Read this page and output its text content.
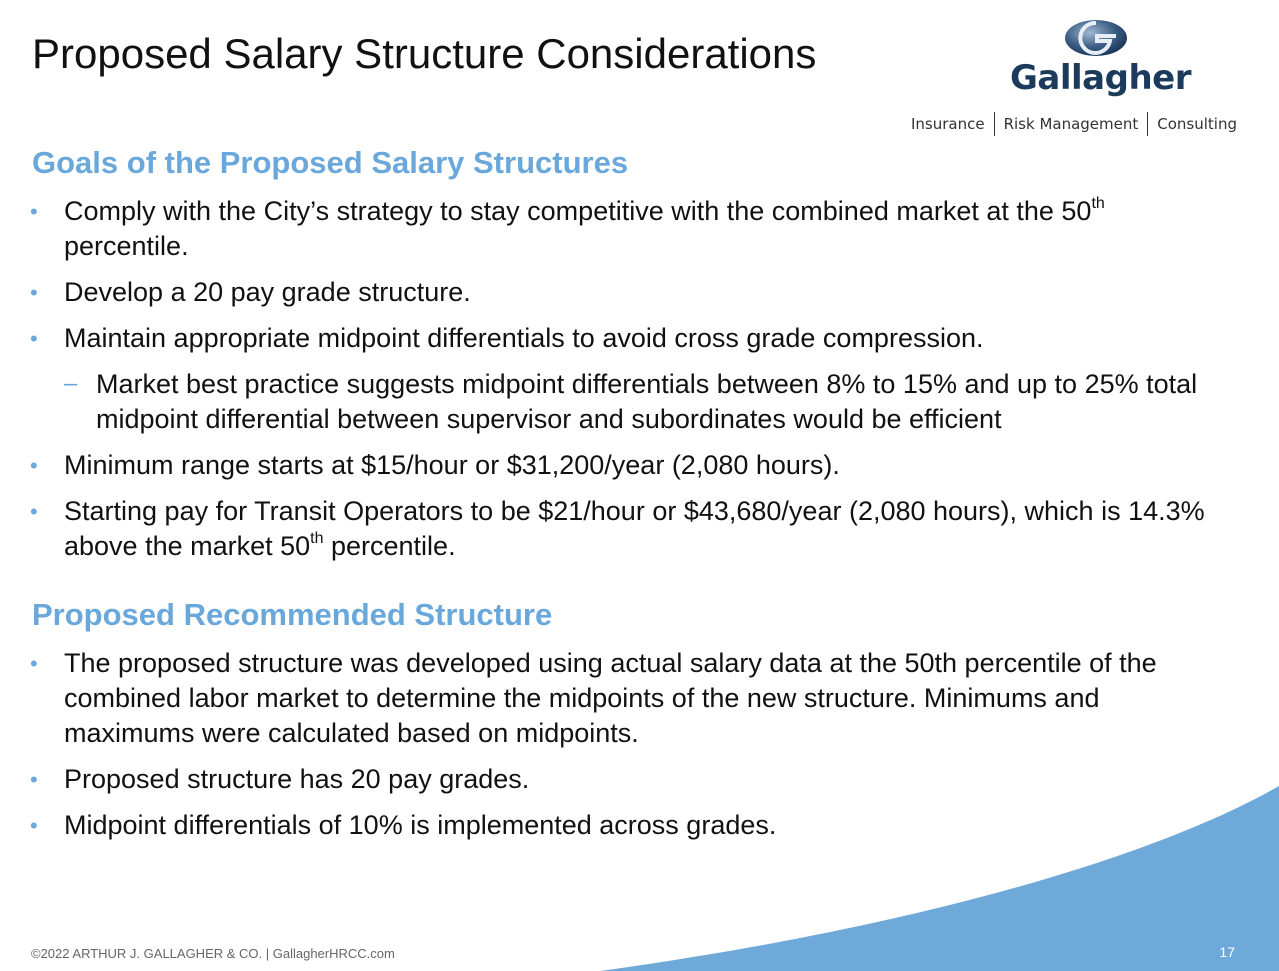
Proposed Salary Structure Considerations
Gallagher
Insurance	Risk Management	Consulting
Goals of the Proposed Salary Structures
• Comply with the City’s strategy to stay competitive with the combined market at the 50th
percentile.
• Develop a 20 pay grade structure.
• Maintain appropriate midpoint differentials to avoid cross grade compression.
– Market best practice suggests midpoint differentials between 8% to 15% and up to 25% total midpoint differential between supervisor and subordinates would be efficient
• Minimum range starts at $15/hour or $31,200/year (2,080 hours).
• Starting pay for Transit Operators to be $21/hour or $43,680/year (2,080 hours), which is 14.3% above the market 50th percentile.
Proposed Recommended Structure
• The proposed structure was developed using actual salary data at the 50th percentile of the combined labor market to determine the midpoints of the new structure. Minimums and maximums were calculated based on midpoints.
• Proposed structure has 20 pay grades.
• Midpoint differentials of 10% is implemented across grades.
©2022 ARTHUR J. GALLAGHER & CO. | GallagherHRCC.com	17
